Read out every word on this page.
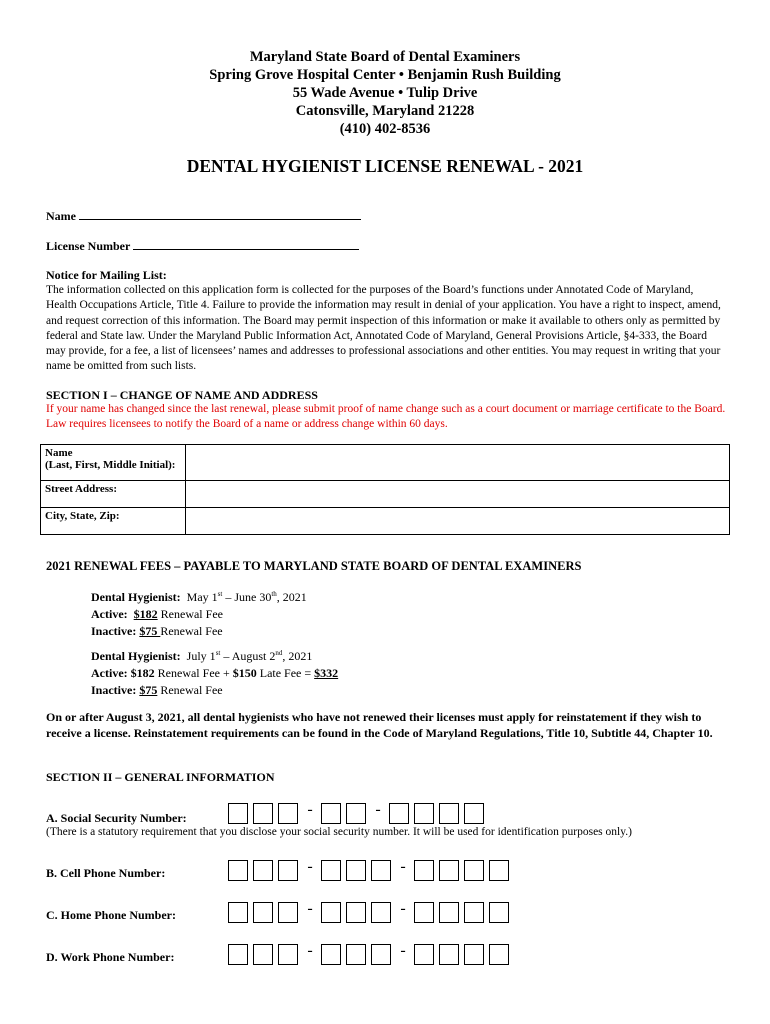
Maryland State Board of Dental Examiners
Spring Grove Hospital Center • Benjamin Rush Building
55 Wade Avenue • Tulip Drive
Catonsville, Maryland 21228
(410) 402-8536
DENTAL HYGIENIST LICENSE RENEWAL - 2021
Name
License Number
Notice for Mailing List:
The information collected on this application form is collected for the purposes of the Board’s functions under Annotated Code of Maryland, Health Occupations Article, Title 4. Failure to provide the information may result in denial of your application. You have a right to inspect, amend, and request correction of this information. The Board may permit inspection of this information or make it available to others only as permitted by federal and State law. Under the Maryland Public Information Act, Annotated Code of Maryland, General Provisions Article, §4-333, the Board may provide, for a fee, a list of licensees’ names and addresses to professional associations and other entities. You may request in writing that your name be omitted from such lists.
SECTION I – CHANGE OF NAME AND ADDRESS
If your name has changed since the last renewal, please submit proof of name change such as a court document or marriage certificate to the Board. Law requires licensees to notify the Board of a name or address change within 60 days.
Name
(Last, First, Middle Initial):	

Street Address:	
City, State, Zip:	
2021 RENEWAL FEES – PAYABLE TO MARYLAND STATE BOARD OF DENTAL EXAMINERS
Dental Hygienist: May 1st – June 30th, 2021
Active: $182 Renewal Fee
Inactive: $75 Renewal Fee
Dental Hygienist: July 1st – August 2nd, 2021
Active: $182 Renewal Fee + $150 Late Fee = $332
Inactive: $75 Renewal Fee
On or after August 3, 2021, all dental hygienists who have not renewed their licenses must apply for reinstatement if they wish to receive a license. Reinstatement requirements can be found in the Code of Maryland Regulations, Title 10, Subtitle 44, Chapter 10.
SECTION II – GENERAL INFORMATION
A. Social Security Number:	-	-
(There is a statutory requirement that you disclose your social security number. It will be used for identification purposes only.)
B. Cell Phone Number:	-	-
C. Home Phone Number:	-	-
D. Work Phone Number:	-	-
